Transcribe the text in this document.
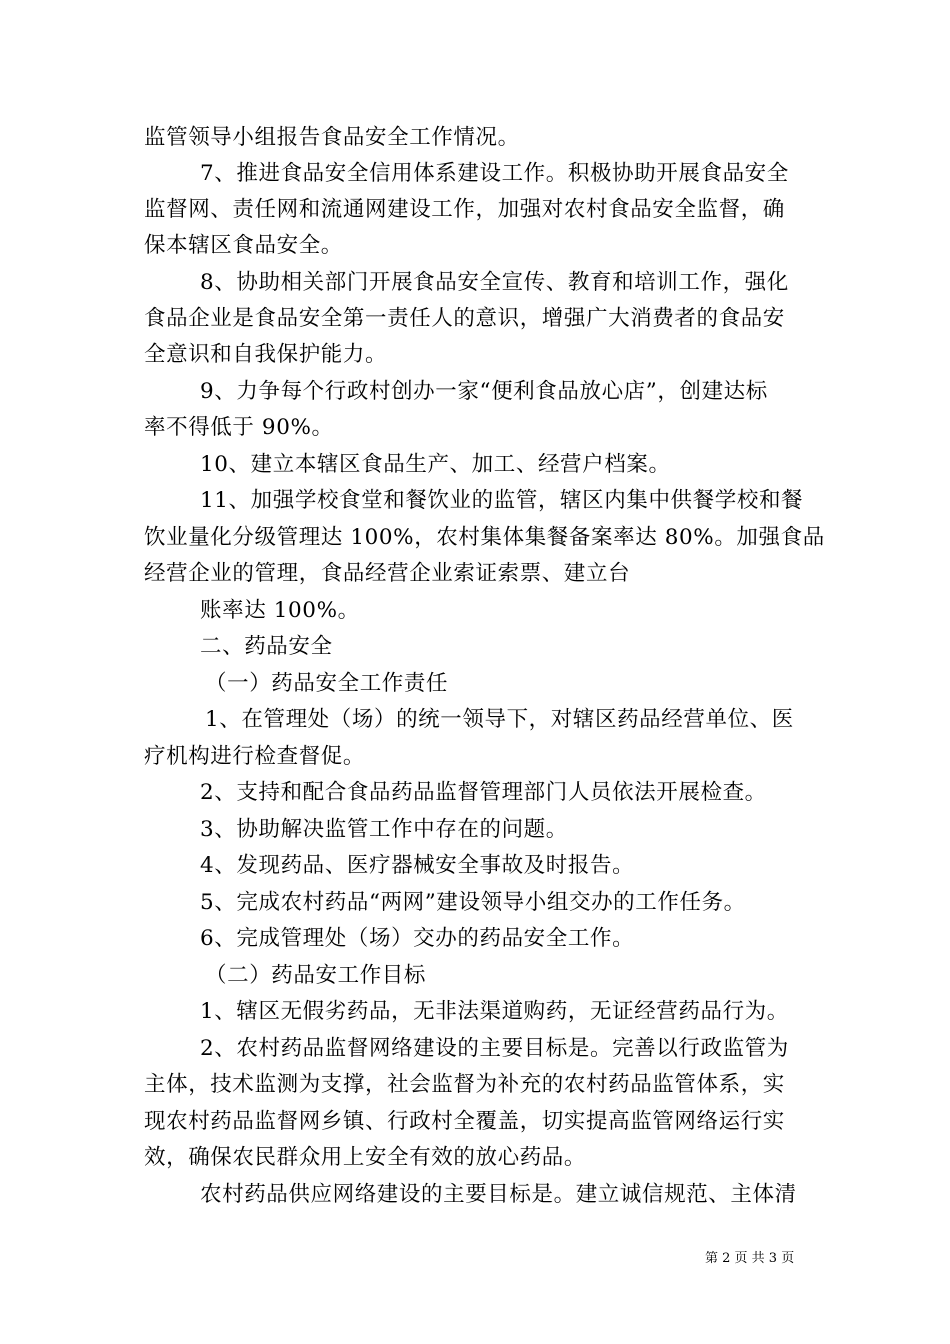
监管领导小组报告食品安全工作情况。
7、推进食品安全信用体系建设工作。积极协助开展食品安全
监督网、责任网和流通网建设工作，加强对农村食品安全监督，确
保本辖区食品安全。
8、协助相关部门开展食品安全宣传、教育和培训工作，强化
食品企业是食品安全第一责任人的意识，增强广大消费者的食品安
全意识和自我保护能力。
9、力争每个行政村创办一家“便利食品放心店”，创建达标
率不得低于 90%。
10、建立本辖区食品生产、加工、经营户档案。
11、加强学校食堂和餐饮业的监管，辖区内集中供餐学校和餐
饮业量化分级管理达 100%，农村集体集餐备案率达 80%。加强食品
经营企业的管理，食品经营企业索证索票、建立台
账率达 100%。
二、药品安全
（一）药品安全工作责任
1、在管理处（场）的统一领导下，对辖区药品经营单位、医
疗机构进行检查督促。
2、支持和配合食品药品监督管理部门人员依法开展检查。
3、协助解决监管工作中存在的问题。
4、发现药品、医疗器械安全事故及时报告。
5、完成农村药品“两网”建设领导小组交办的工作任务。
6、完成管理处（场）交办的药品安全工作。
（二）药品安工作目标
1、辖区无假劣药品，无非法渠道购药，无证经营药品行为。
2、农村药品监督网络建设的主要目标是。完善以行政监管为
主体，技术监测为支撑，社会监督为补充的农村药品监管体系，实
现农村药品监督网乡镇、行政村全覆盖，切实提高监管网络运行实
效，确保农民群众用上安全有效的放心药品。
农村药品供应网络建设的主要目标是。建立诚信规范、主体清
第 2 页 共 3 页
